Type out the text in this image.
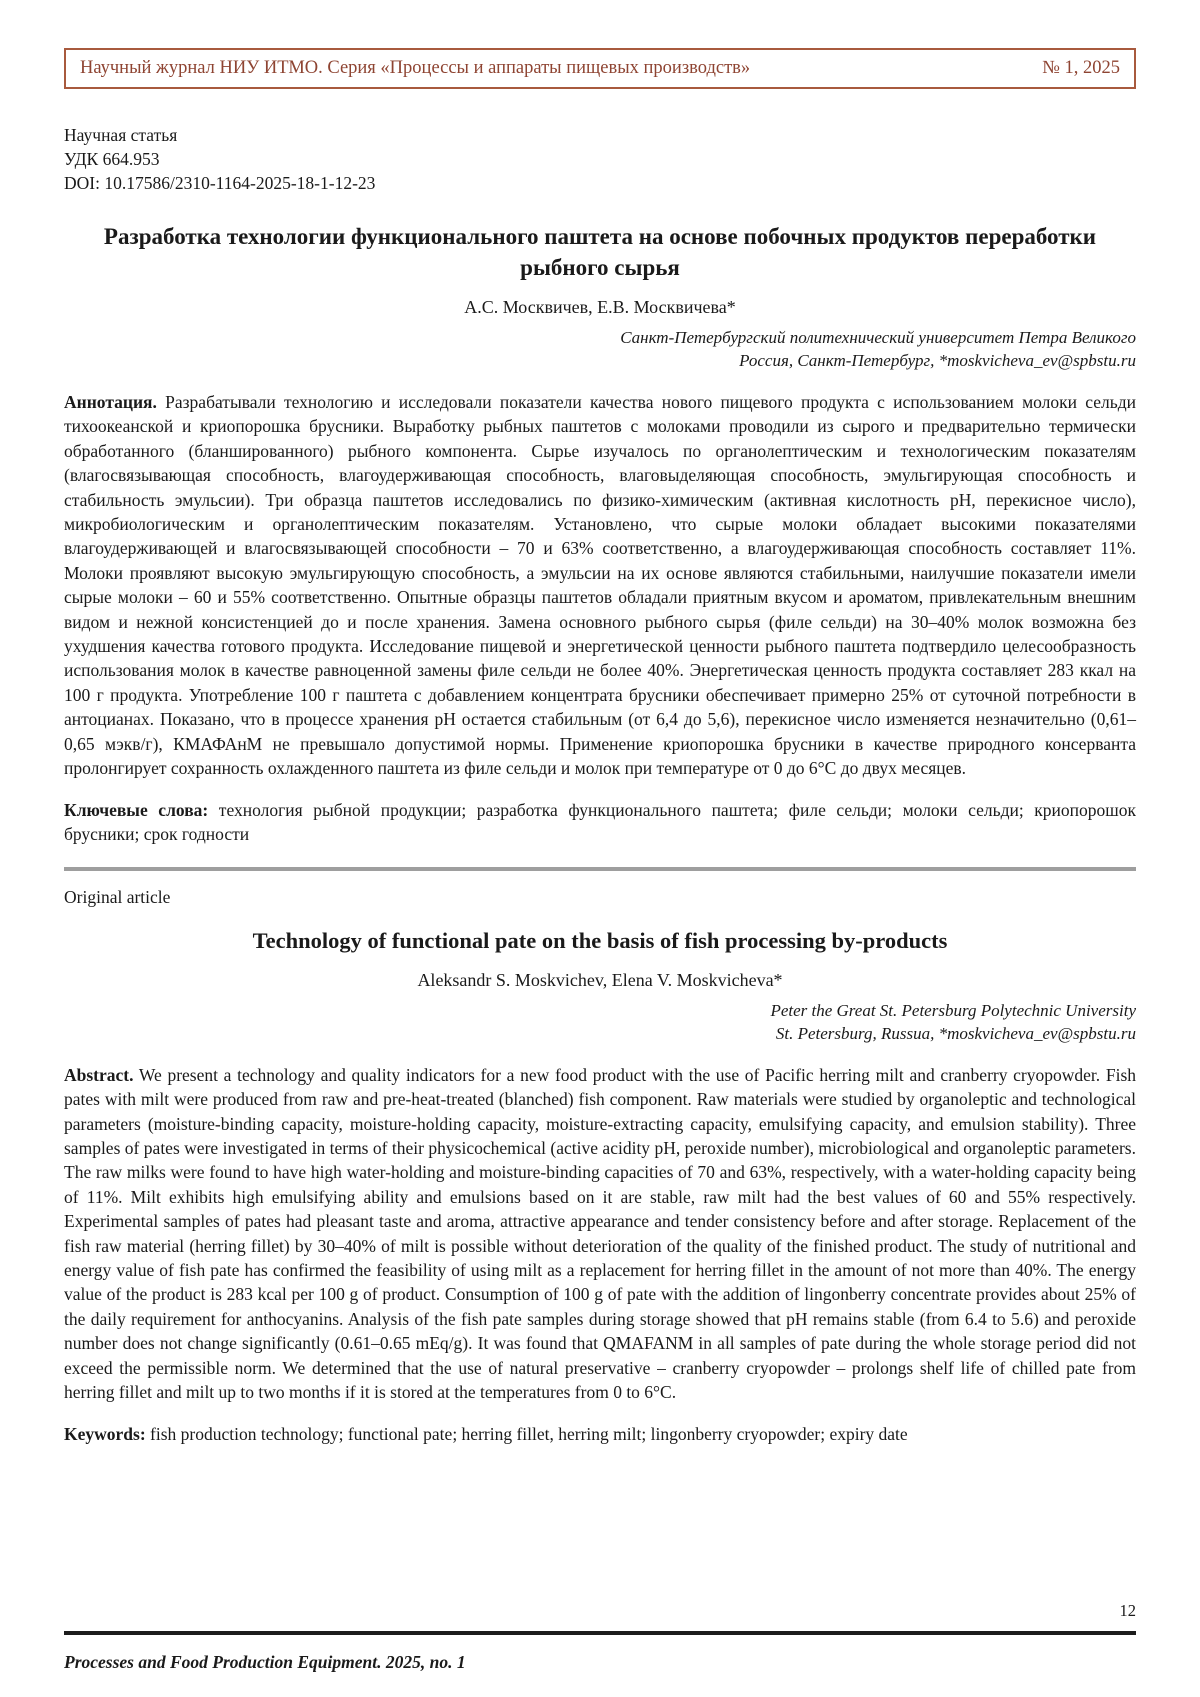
Научный журнал НИУ ИТМО. Серия «Процессы и аппараты пищевых производств»	№ 1, 2025
Научная статья
УДК 664.953
DOI: 10.17586/2310-1164-2025-18-1-12-23
Разработка технологии функционального паштета на основе побочных продуктов переработки рыбного сырья
А.С. Москвичев, Е.В. Москвичева*
Санкт-Петербургский политехнический университет Петра Великого
Россия, Санкт-Петербург, *moskvicheva_ev@spbstu.ru

Аннотация. Разрабатывали технологию и исследовали показатели качества нового пищевого продукта с использованием молоки сельди тихоокеанской и криопорошка брусники. Выработку рыбных паштетов с молоками проводили из сырого и предварительно термически обработанного (бланшированного) рыбного компонента. Сырье изучалось по органолептическим и технологическим показателям (влагосвязывающая способность, влагоудерживающая способность, влаговыделяющая способность, эмульгирующая способность и стабильность эмульсии). Три образца паштетов исследовались по физико-химическим (активная кислотность pH, перекисное число), микробиологическим и органолептическим показателям. Установлено, что сырые молоки обладает высокими показателями влагоудерживающей и влагосвязывающей способности – 70 и 63% соответственно, а влагоудерживающая способность составляет 11%. Молоки проявляют высокую эмульгирующую способность, а эмульсии на их основе являются стабильными, наилучшие показатели имели сырые молоки – 60 и 55% соответственно. Опытные образцы паштетов обладали приятным вкусом и ароматом, привлекательным внешним видом и нежной консистенцией до и после хранения. Замена основного рыбного сырья (филе сельди) на 30–40% молок возможна без ухудшения качества готового продукта. Исследование пищевой и энергетической ценности рыбного паштета подтвердило целесообразность использования молок в качестве равноценной замены филе сельди не более 40%. Энергетическая ценность продукта составляет 283 ккал на 100 г продукта. Употребление 100 г паштета с добавлением концентрата брусники обеспечивает примерно 25% от суточной потребности в антоцианах. Показано, что в процессе хранения pH остается стабильным (от 6,4 до 5,6), перекисное число изменяется незначительно (0,61–0,65 мэкв/г), КМАФАнМ не превышало допустимой нормы. Применение криопорошка брусники в качестве природного консерванта пролонгирует сохранность охлажденного паштета из филе сельди и молок при температуре от 0 до 6°С до двух месяцев.

Ключевые слова: технология рыбной продукции; разработка функционального паштета; филе сельди; молоки сельди; криопорошок брусники; срок годности

Original article
Technology of functional pate on the basis of fish processing by-products
Aleksandr S. Moskvichev, Elena V. Moskvicheva*
Peter the Great St. Petersburg Polytechnic University
St. Petersburg, Russua, *moskvicheva_ev@spbstu.ru

Abstract. We present a technology and quality indicators for a new food product with the use of Pacific herring milt and cranberry cryopowder. Fish pates with milt were produced from raw and pre-heat-treated (blanched) fish component. Raw materials were studied by organoleptic and technological parameters (moisture-binding capacity, moisture-holding capacity, moisture-extracting capacity, emulsifying capacity, and emulsion stability). Three samples of pates were investigated in terms of their physicochemical (active acidity pH, peroxide number), microbiological and organoleptic parameters. The raw milks were found to have high water-holding and moisture-binding capacities of 70 and 63%, respectively, with a water-holding capacity being of 11%. Milt exhibits high emulsifying ability and emulsions based on it are stable, raw milt had the best values of 60 and 55% respectively. Experimental samples of pates had pleasant taste and aroma, attractive appearance and tender consistency before and after storage. Replacement of the fish raw material (herring fillet) by 30–40% of milt is possible without deterioration of the quality of the finished product. The study of nutritional and energy value of fish pate has confirmed the feasibility of using milt as a replacement for herring fillet in the amount of not more than 40%. The energy value of the product is 283 kcal per 100 g of product. Consumption of 100 g of pate with the addition of lingonberry concentrate provides about 25% of the daily requirement for anthocyanins. Analysis of the fish pate samples during storage showed that pH remains stable (from 6.4 to 5.6) and peroxide number does not change significantly (0.61–0.65 mEq/g). It was found that QMAFANM in all samples of pate during the whole storage period did not exceed the permissible norm. We determined that the use of natural preservative – cranberry cryopowder – prolongs shelf life of chilled pate from herring fillet and milt up to two months if it is stored at the temperatures from 0 to 6°C.

Keywords: fish production technology; functional pate; herring fillet, herring milt; lingonberry cryopowder; expiry date

12
Processes and Food Production Equipment. 2025, no. 1
